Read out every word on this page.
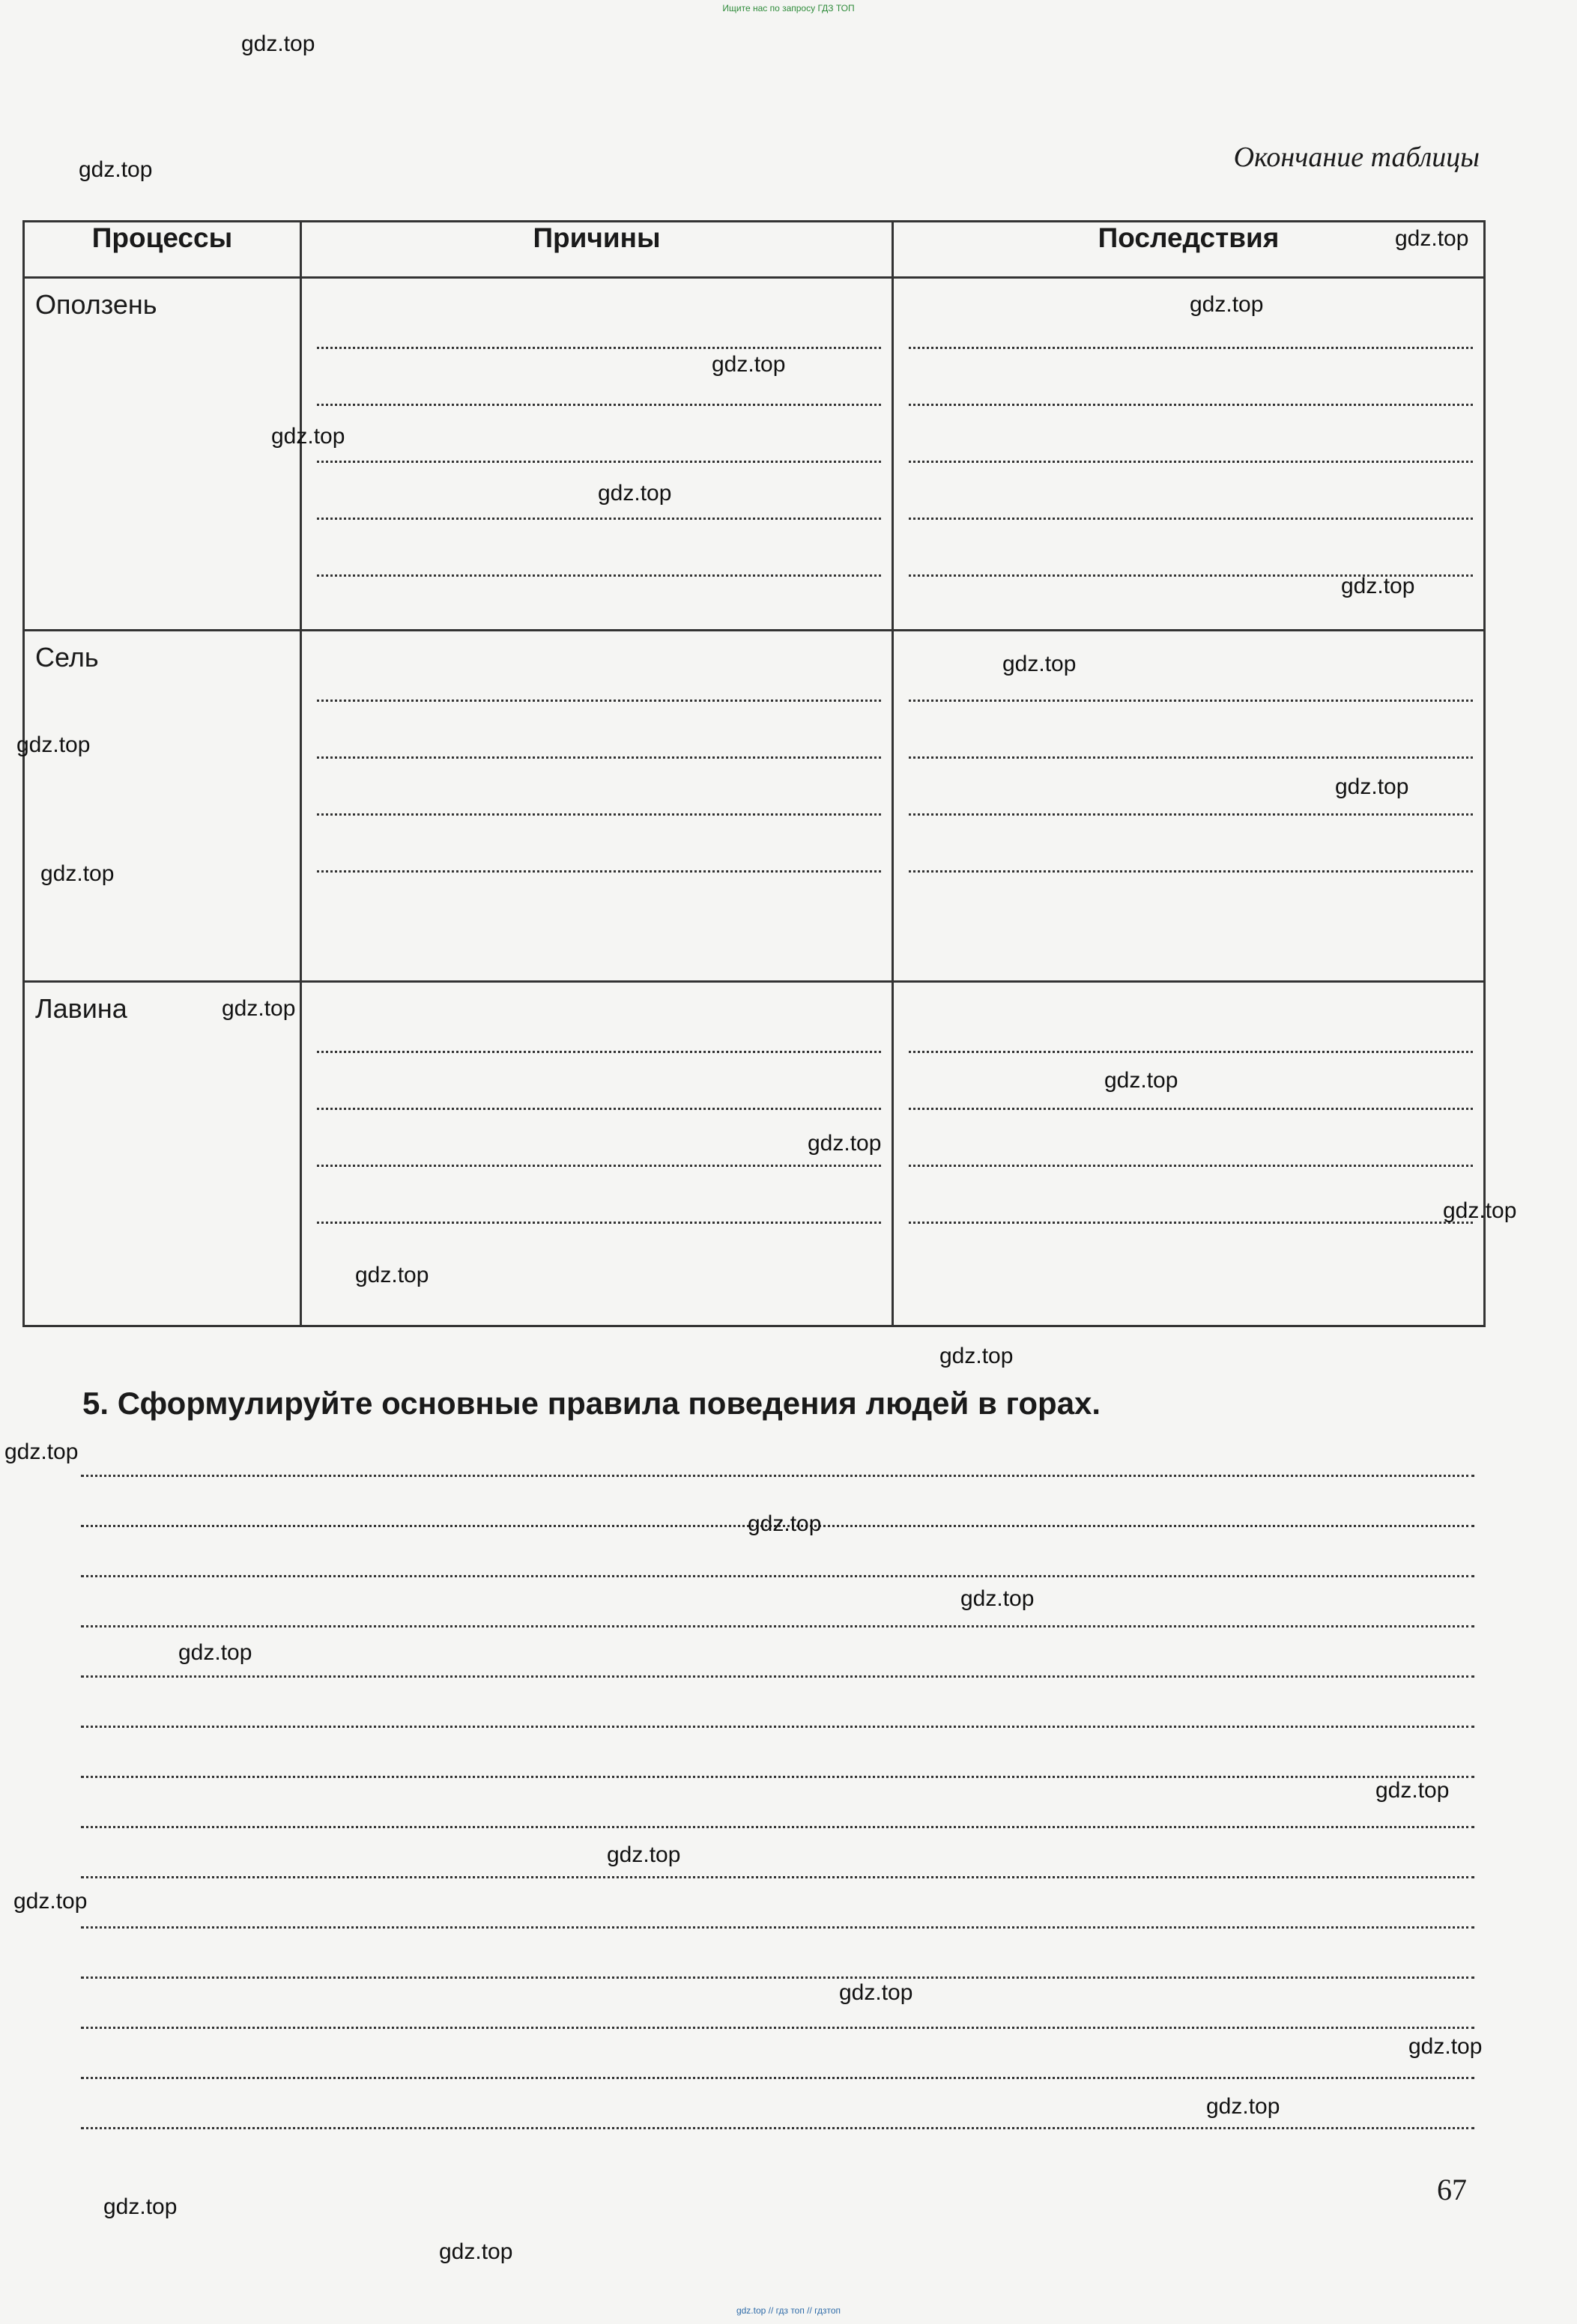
Ищите нас по запросу ГДЗ ТОП
Окончание таблицы
Процессы	Причины	Последствия
Оползень	

Сель	

Лавина	

5. Сформулируйте основные правила поведения людей в горах.
67
gdz.top
gdz.top
gdz.top
gdz.top
gdz.top
gdz.top
gdz.top
gdz.top
gdz.top
gdz.top
gdz.top
gdz.top
gdz.top
gdz.top
gdz.top
gdz.top
gdz.top
gdz.top
gdz.top
gdz.top
gdz.top
gdz.top
gdz.top
gdz.top
gdz.top
gdz.top
gdz.top
gdz.top
gdz.top
gdz.top
gdz.top // гдз топ // гдзтоп
